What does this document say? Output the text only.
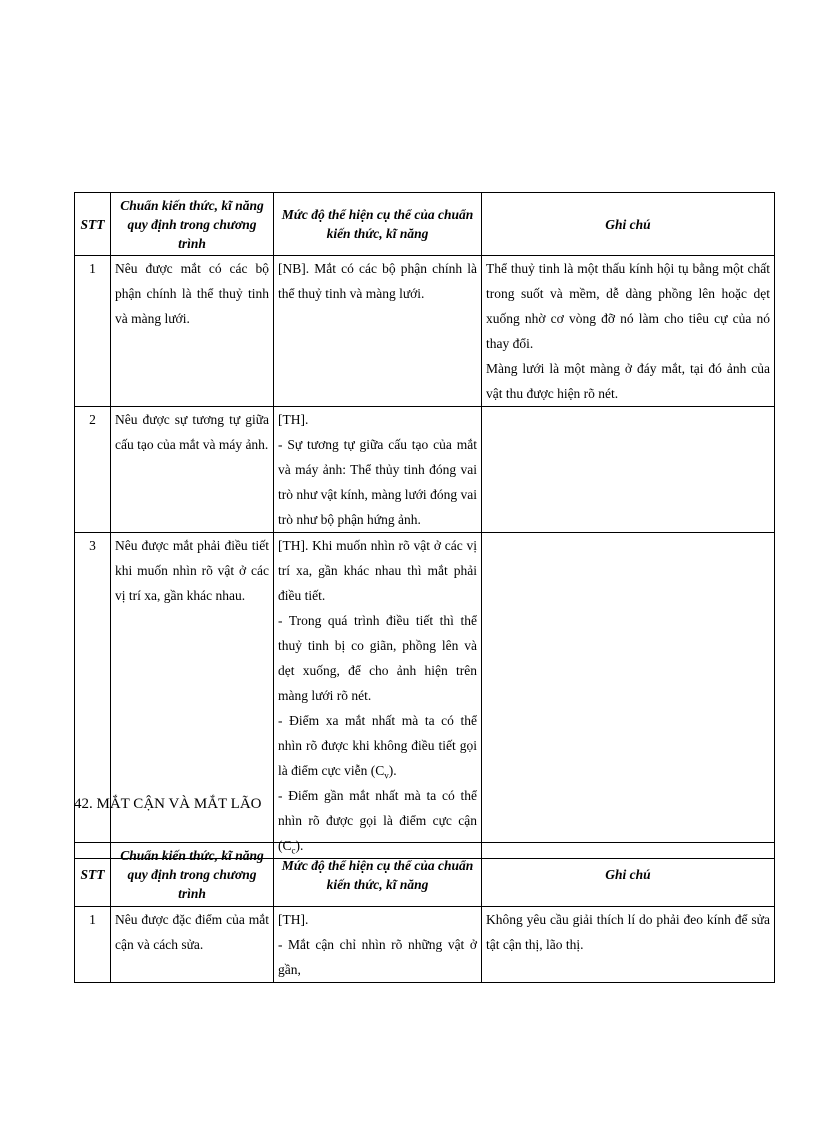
STT	Chuẩn kiến thức, kĩ năng quy định trong chương trình	Mức độ thể hiện cụ thể của chuẩn kiến thức, kĩ năng	Ghi chú
1	Nêu được mắt có các bộ phận chính là thể thuỷ tinh và màng lưới.	[NB]. Mắt có các bộ phận chính là thể thuỷ tinh và màng lưới.	Thể thuỷ tinh là một thấu kính hội tụ bằng một chất trong suốt và mềm, dễ dàng phồng lên hoặc dẹt xuống nhờ cơ vòng đỡ nó làm cho tiêu cự của nó thay đổi.
Màng lưới là một màng ở đáy mắt, tại đó ảnh của vật thu được hiện rõ nét.

2	Nêu được sự tương tự giữa cấu tạo của mắt và máy ảnh.	[TH].
- Sự tương tự giữa cấu tạo của mắt và máy ảnh: Thể thủy tinh đóng vai trò như vật kính, màng lưới đóng vai trò như bộ phận hứng ảnh.	

3	Nêu được mắt phải điều tiết khi muốn nhìn rõ vật ở các vị trí xa, gần khác nhau.	[TH]. Khi muốn nhìn rõ vật ở các vị trí xa, gần khác nhau thì mắt phải điều tiết.
- Trong quá trình điều tiết thì thể thuỷ tinh bị co giãn, phồng lên và dẹt xuống, để cho ảnh hiện trên màng lưới rõ nét.
- Điểm xa mắt nhất mà ta có thể nhìn rõ được khi không điều tiết gọi là điểm cực viễn $(C_v)$.
- Điểm gần mắt nhất mà ta có thể nhìn rõ được gọi là điểm cực cận $(C_c)$.	

42. MẮT CẬN VÀ MẮT LÃO
STT	Chuẩn kiến thức, kĩ năng quy định trong chương trình	Mức độ thể hiện cụ thể của chuẩn kiến thức, kĩ năng	Ghi chú
1	Nêu được đặc điểm của mắt cận và cách sửa.	[TH].
- Mắt cận chỉ nhìn rõ những vật ở gần,	Không yêu cầu giải thích lí do phải đeo kính để sửa tật cận thị, lão thị.
